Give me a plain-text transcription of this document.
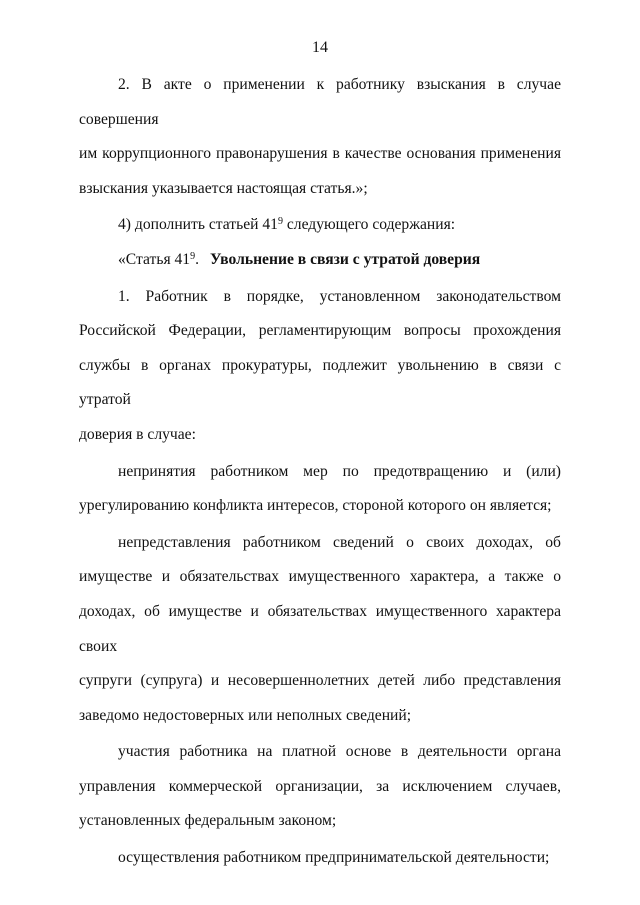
14

2. В акте о применении к работнику взыскания в случае совершения

им коррупционного правонарушения в качестве основания применения

взыскания указывается настоящая статья.»;

4) дополнить статьей $41^9$ следующего содержания:

«Статья $41^9$. Увольнение в связи с утратой доверия

1. Работник в порядке, установленном законодательством

Российской Федерации, регламентирующим вопросы прохождения

службы в органах прокуратуры, подлежит увольнению в связи с утратой

доверия в случае:

непринятия работником мер по предотвращению и (или)

урегулированию конфликта интересов, стороной которого он является;

непредставления работником сведений о своих доходах, об

имуществе и обязательствах имущественного характера, а также о

доходах, об имуществе и обязательствах имущественного характера своих

супруги (супруга) и несовершеннолетних детей либо представления

заведомо недостоверных или неполных сведений;

участия работника на платной основе в деятельности органа

управления коммерческой организации, за исключением случаев,

установленных федеральным законом;

осуществления работником предпринимательской деятельности;
